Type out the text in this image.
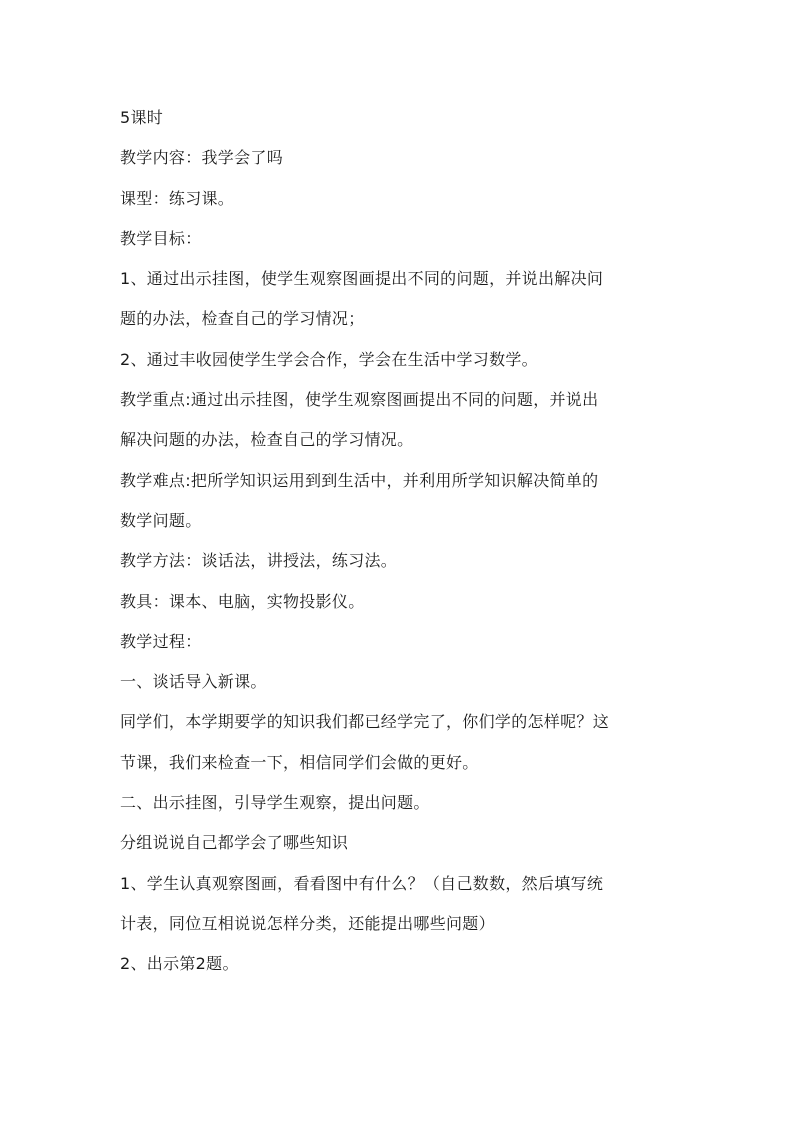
5课时
教学内容：我学会了吗
课型：练习课。
教学目标：
1、通过出示挂图，使学生观察图画提出不同的问题，并说出解决问
题的办法，检查自己的学习情况；
2、通过丰收园使学生学会合作，学会在生活中学习数学。
教学重点:通过出示挂图，使学生观察图画提出不同的问题，并说出
解决问题的办法，检查自己的学习情况。
教学难点:把所学知识运用到到生活中，并利用所学知识解决简单的
数学问题。
教学方法：谈话法，讲授法，练习法。
教具：课本、电脑，实物投影仪。
教学过程：
一、谈话导入新课。
同学们，本学期要学的知识我们都已经学完了，你们学的怎样呢？这
节课，我们来检查一下，相信同学们会做的更好。
二、出示挂图，引导学生观察，提出问题。
分组说说自己都学会了哪些知识
1、学生认真观察图画，看看图中有什么？（自己数数，然后填写统
计表，同位互相说说怎样分类，还能提出哪些问题）
2、出示第2题。
